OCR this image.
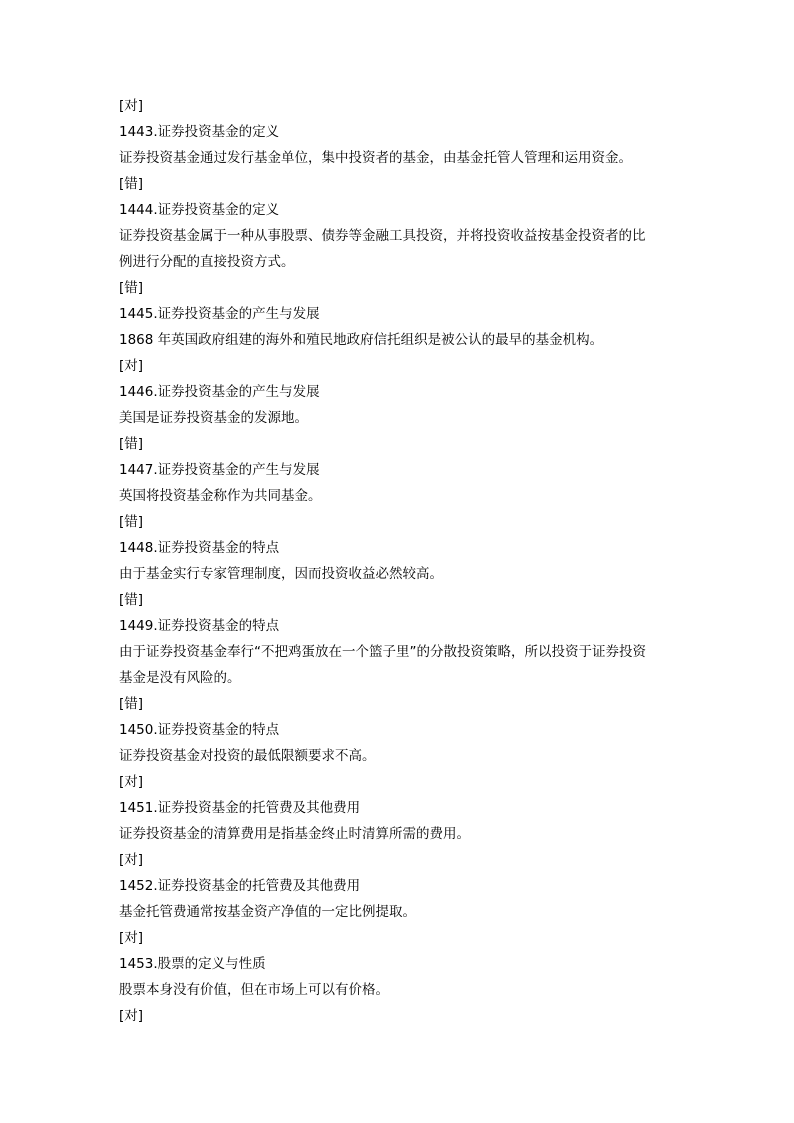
[对]
1443.证券投资基金的定义
证券投资基金通过发行基金单位，集中投资者的基金，由基金托管人管理和运用资金。
[错]
1444.证券投资基金的定义
证券投资基金属于一种从事股票、债券等金融工具投资，并将投资收益按基金投资者的比
例进行分配的直接投资方式。
[错]
1445.证券投资基金的产生与发展
1868 年英国政府组建的海外和殖民地政府信托组织是被公认的最早的基金机构。
[对]
1446.证券投资基金的产生与发展
美国是证券投资基金的发源地。
[错]
1447.证券投资基金的产生与发展
英国将投资基金称作为共同基金。
[错]
1448.证券投资基金的特点
由于基金实行专家管理制度，因而投资收益必然较高。
[错]
1449.证券投资基金的特点
由于证券投资基金奉行“不把鸡蛋放在一个篮子里”的分散投资策略，所以投资于证券投资
基金是没有风险的。
[错]
1450.证券投资基金的特点
证券投资基金对投资的最低限额要求不高。
[对]
1451.证券投资基金的托管费及其他费用
证券投资基金的清算费用是指基金终止时清算所需的费用。
[对]
1452.证券投资基金的托管费及其他费用
基金托管费通常按基金资产净值的一定比例提取。
[对]
1453.股票的定义与性质
股票本身没有价值，但在市场上可以有价格。
[对]
